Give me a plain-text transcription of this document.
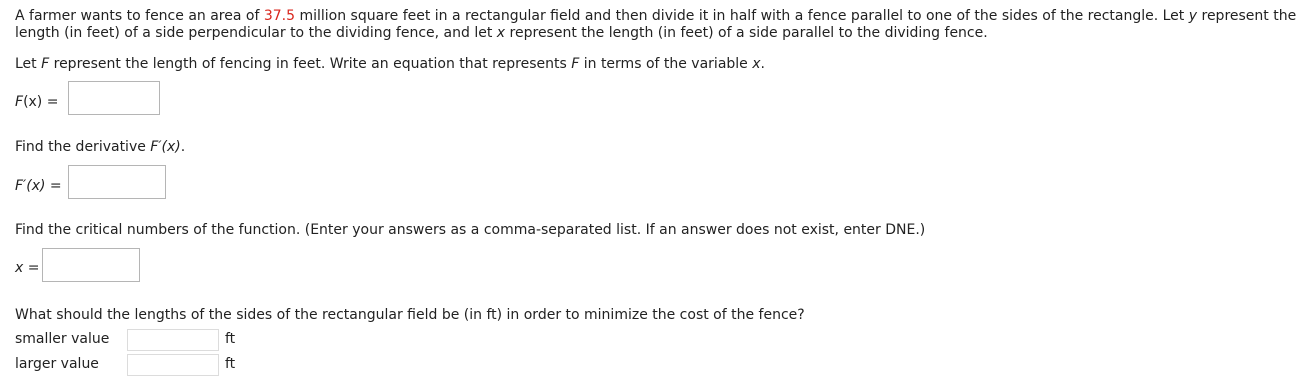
A farmer wants to fence an area of 37.5 million square feet in a rectangular field and then divide it in half with a fence parallel to one of the sides of the rectangle. Let y represent the
length (in feet) of a side perpendicular to the dividing fence, and let x represent the length (in feet) of a side parallel to the dividing fence.
Let F represent the length of fencing in feet. Write an equation that represents F in terms of the variable x.
F(x) =
Find the derivative F′(x).
F′(x) =
Find the critical numbers of the function. (Enter your answers as a comma-separated list. If an answer does not exist, enter DNE.)
x =
What should the lengths of the sides of the rectangular field be (in ft) in order to minimize the cost of the fence?
smaller value	ft
larger value	ft
